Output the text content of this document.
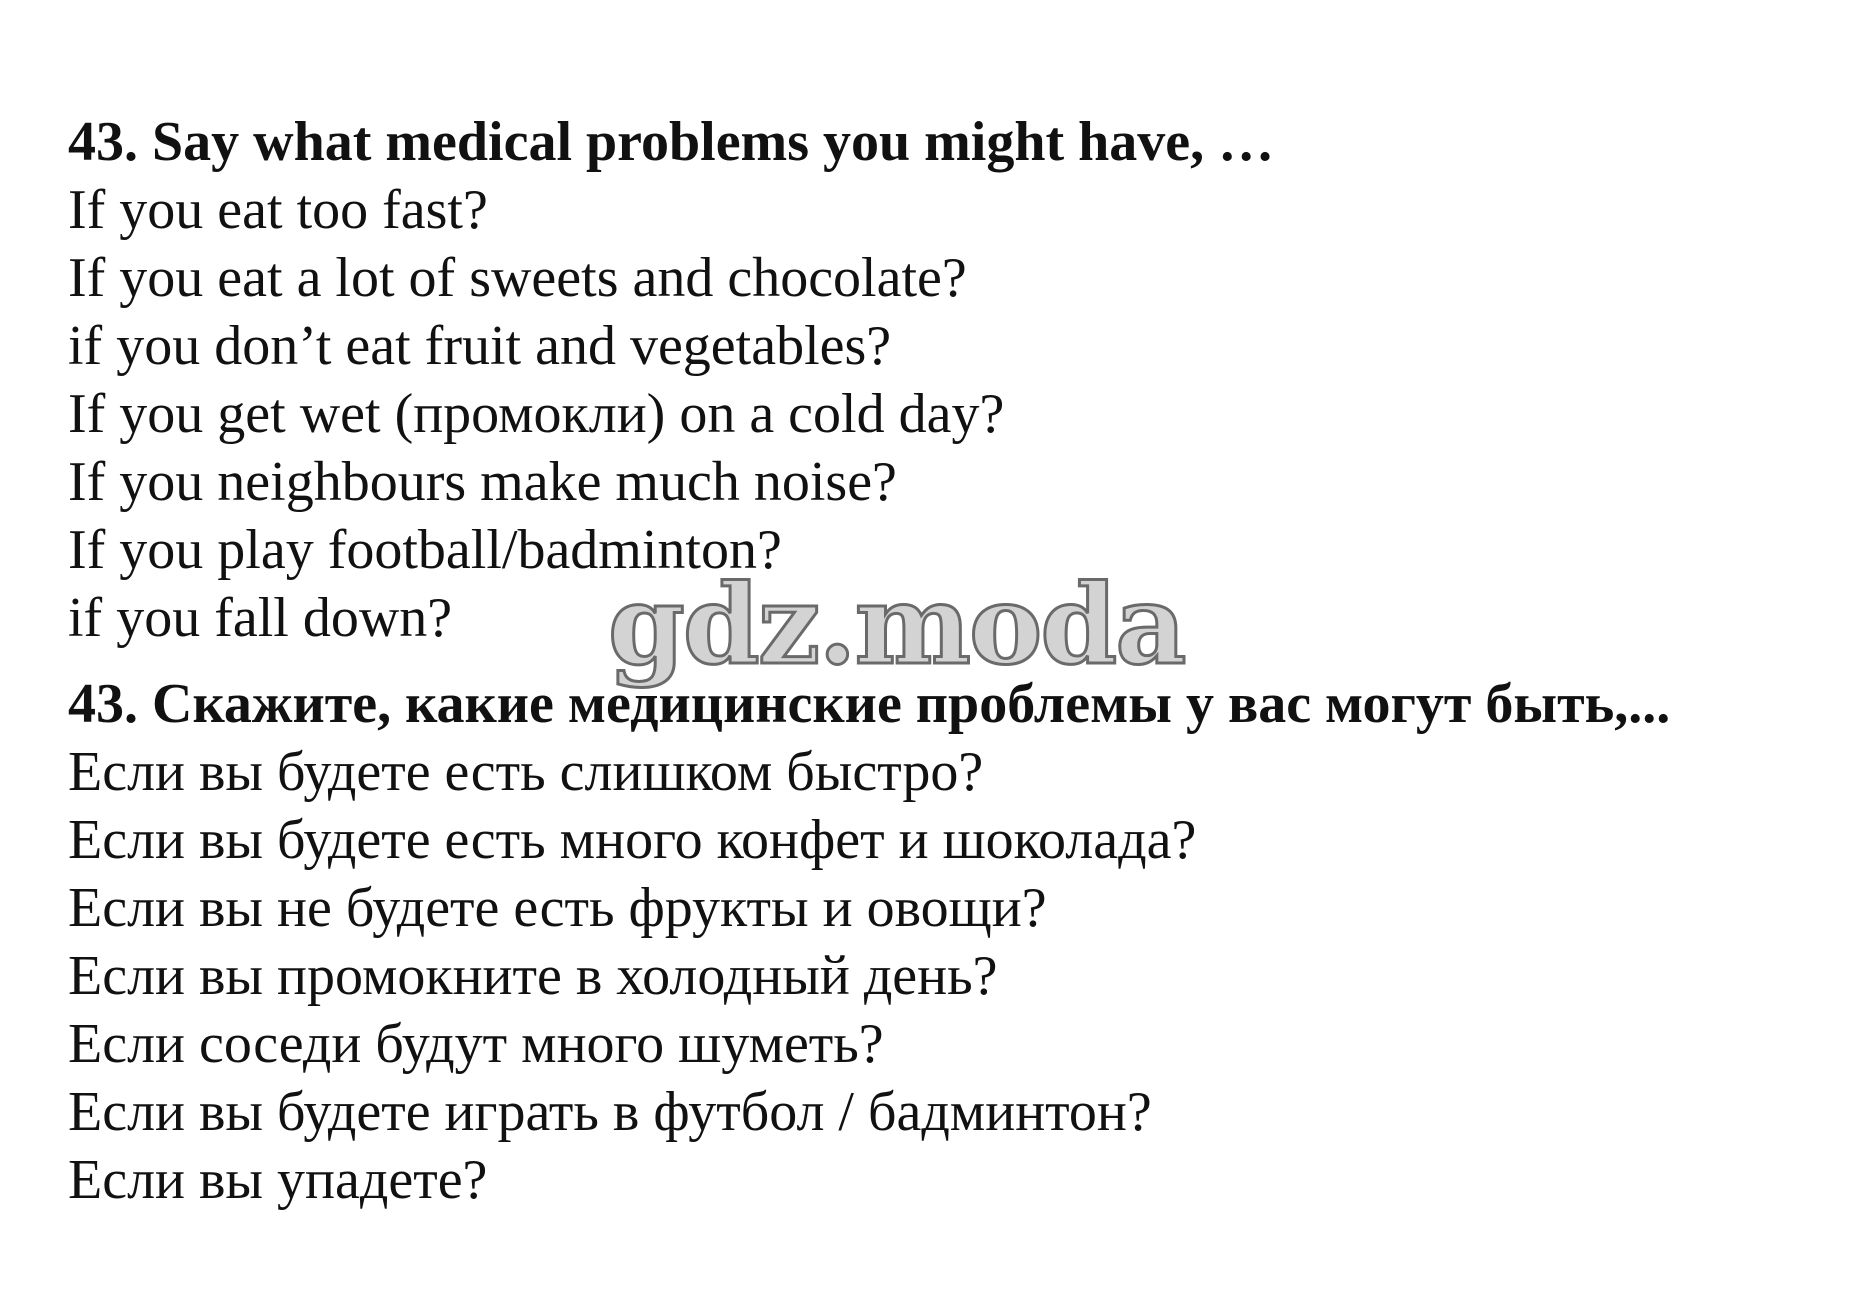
43. Say what medical problems you might have, …
If you eat too fast?
If you eat a lot of sweets and chocolate?
if you don’t eat fruit and vegetables?
If you get wet (промокли) on a cold day?
If you neighbours make much noise?
If you play football/badminton?
if you fall down?
43. Скажите, какие медицинские проблемы у вас могут быть,...
Если вы будете есть слишком быстро?
Если вы будете есть много конфет и шоколада?
Если вы не будете есть фрукты и овощи?
Если вы промокните в холодный день?
Если соседи будут много шуметь?
Если вы будете играть в футбол / бадминтон?
Если вы упадете?
gdz.moda
